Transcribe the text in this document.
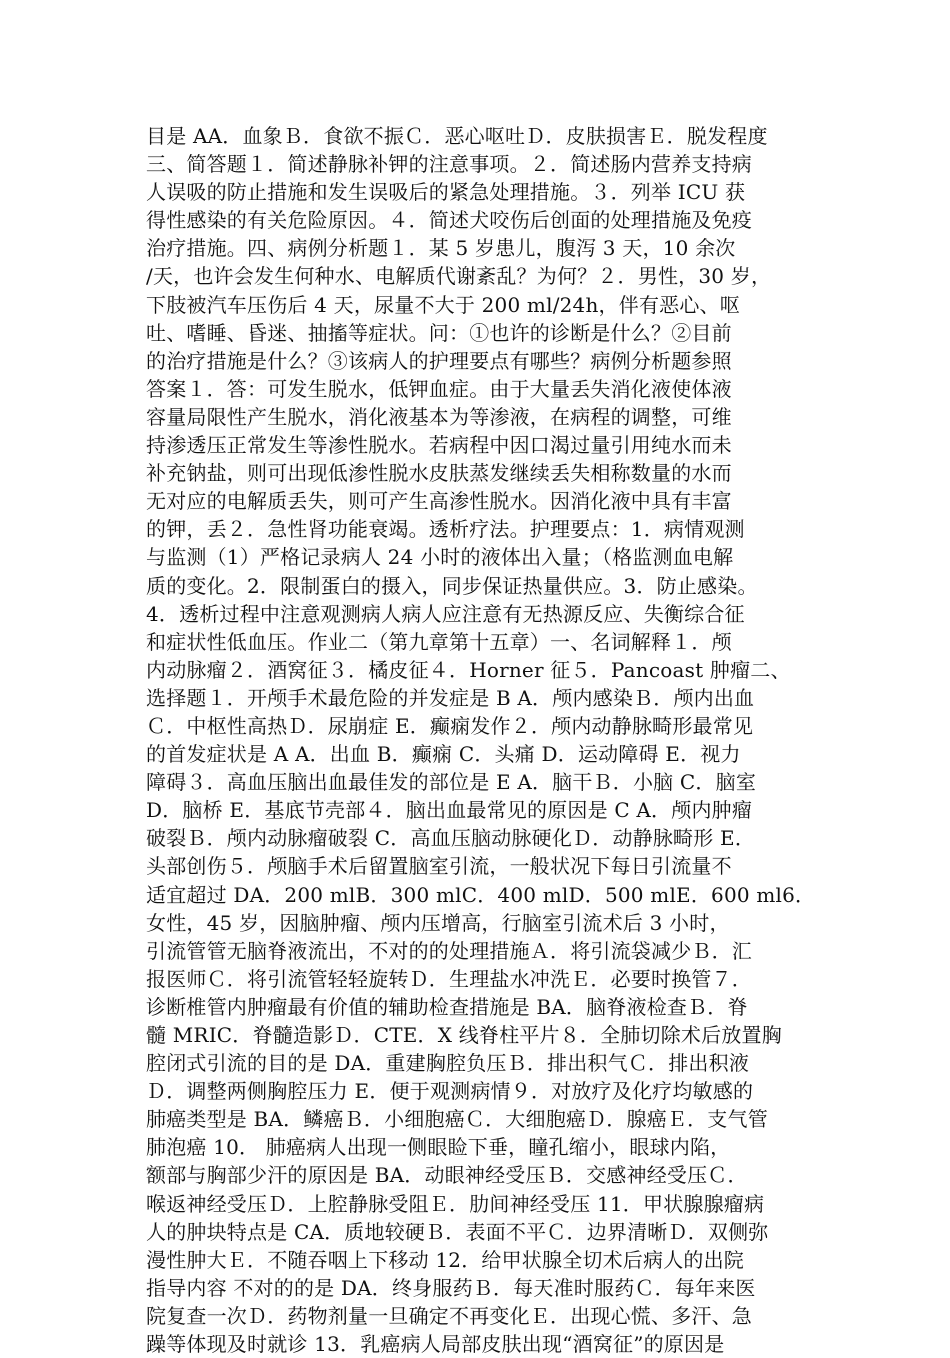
目是 AA．血象Ｂ．食欲不振Ｃ．恶心呕吐Ｄ．皮肤损害Ｅ．脱发程度
三、简答题１．简述静脉补钾的注意事项。２．简述肠内营养支持病
人误吸的防止措施和发生误吸后的紧急处理措施。３．列举 ICU 获
得性感染的有关危险原因。４．简述犬咬伤后创面的处理措施及免疫
治疗措施。四、病例分析题１．某 5 岁患儿，腹泻 3 天，10 余次
/天，也许会发生何种水、电解质代谢紊乱？为何？２．男性，30 岁，
下肢被汽车压伤后 4 天，尿量不大于 200 ml/24h，伴有恶心、呕
吐、嗜睡、昏迷、抽搐等症状。问：①也许的诊断是什么？②目前
的治疗措施是什么？③该病人的护理要点有哪些？病例分析题参照
答案１．答：可发生脱水，低钾血症。由于大量丢失消化液使体液
容量局限性产生脱水，消化液基本为等渗液，在病程的调整，可维
持渗透压正常发生等渗性脱水。若病程中因口渴过量引用纯水而未
补充钠盐，则可出现低渗性脱水皮肤蒸发继续丢失相称数量的水而
无对应的电解质丢失，则可产生高渗性脱水。因消化液中具有丰富
的钾，丢２．急性肾功能衰竭。透析疗法。护理要点：1．病情观测
与监测（1）严格记录病人 24 小时的液体出入量；（格监测血电解
质的变化。2．限制蛋白的摄入，同步保证热量供应。3．防止感染。
4．透析过程中注意观测病人病人应注意有无热源反应、失衡综合征
和症状性低血压。作业二（第九章第十五章）一、名词解释１．颅
内动脉瘤２．酒窝征３．橘皮征４．Horner 征５．Pancoast 肿瘤二、
选择题１．开颅手术最危险的并发症是 B A．颅内感染Ｂ．颅内出血
Ｃ．中枢性高热Ｄ．尿崩症 E．癫痫发作２．颅内动静脉畸形最常见
的首发症状是 A A．出血 B．癫痫 C．头痛 D．运动障碍 E．视力
障碍３．高血压脑出血最佳发的部位是 E A．脑干Ｂ．小脑 C．脑室
D．脑桥 E．基底节壳部４．脑出血最常见的原因是 C A．颅内肿瘤
破裂Ｂ．颅内动脉瘤破裂 C．高血压脑动脉硬化Ｄ．动静脉畸形 E．
头部创伤５．颅脑手术后留置脑室引流，一般状况下每日引流量不
适宜超过 DA．200 mlB．300 mlC．400 mlD．500 mlE．600 ml6．
女性，45 岁，因脑肿瘤、颅内压增高，行脑室引流术后 3 小时，
引流管管无脑脊液流出，不对的的处理措施Ａ．将引流袋减少Ｂ．汇
报医师Ｃ．将引流管轻轻旋转Ｄ．生理盐水冲洗Ｅ．必要时换管７．
诊断椎管内肿瘤最有价值的辅助检查措施是 BA．脑脊液检查Ｂ．脊
髓 MRIC．脊髓造影Ｄ．CTE．X 线脊柱平片８．全肺切除术后放置胸
腔闭式引流的目的是 DA．重建胸腔负压Ｂ．排出积气Ｃ．排出积液
Ｄ．调整两侧胸腔压力 E．便于观测病情９．对放疗及化疗均敏感的
肺癌类型是 BA．鳞癌Ｂ．小细胞癌Ｃ．大细胞癌Ｄ．腺癌Ｅ．支气管
肺泡癌 10． 肺癌病人出现一侧眼睑下垂，瞳孔缩小，眼球内陷，
额部与胸部少汗的原因是 BA．动眼神经受压Ｂ．交感神经受压Ｃ．
喉返神经受压Ｄ．上腔静脉受阻Ｅ．肋间神经受压 11．甲状腺腺瘤病
人的肿块特点是 CA．质地较硬Ｂ．表面不平Ｃ．边界清晰Ｄ．双侧弥
漫性肿大Ｅ．不随吞咽上下移动 12．给甲状腺全切术后病人的出院
指导内容 不对的的是 DA．终身服药Ｂ．每天准时服药Ｃ．每年来医
院复查一次Ｄ．药物剂量一旦确定不再变化Ｅ．出现心慌、多汗、急
躁等体现及时就诊 13．乳癌病人局部皮肤出现“酒窝征”的原因是
